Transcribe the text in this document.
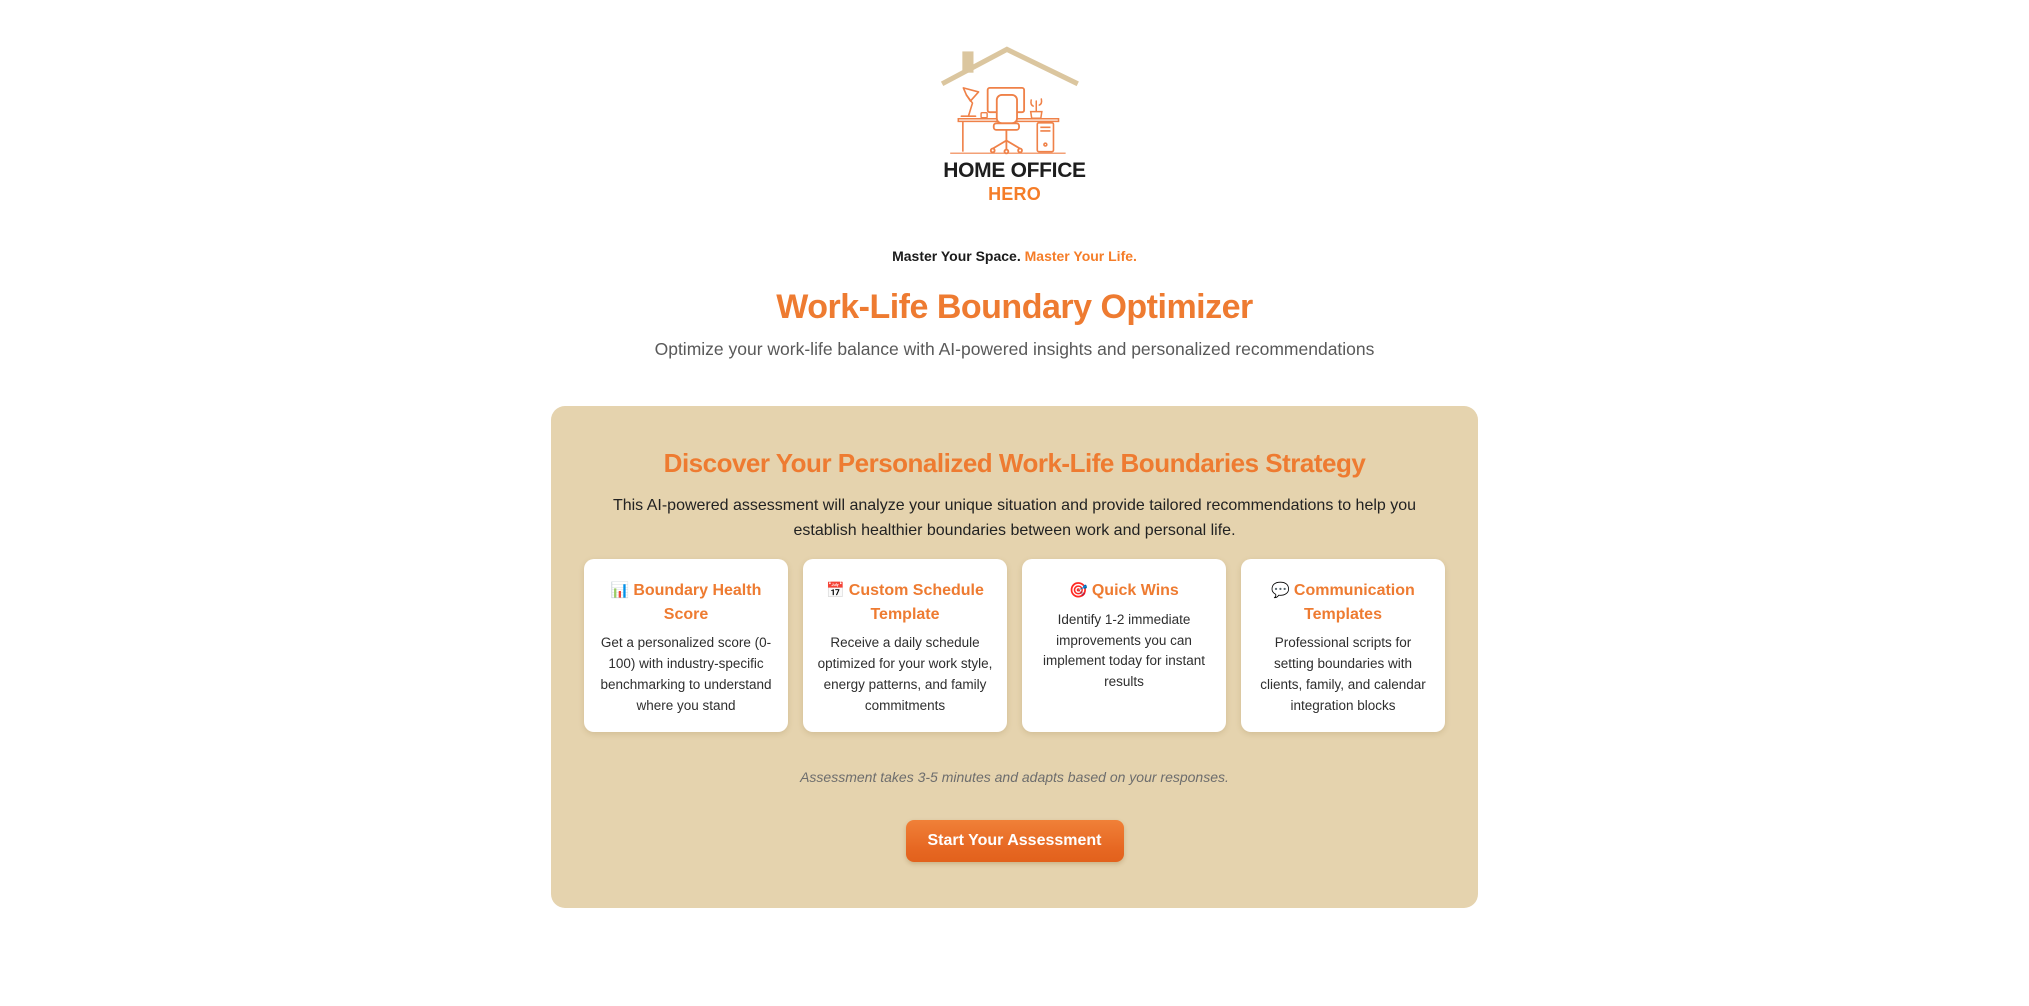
HOME OFFICE
HERO

Master Your Space. Master Your Life.

Work-Life Boundary Optimizer

Optimize your work-life balance with AI-powered insights and personalized recommendations

Discover Your Personalized Work-Life Boundaries Strategy

This AI-powered assessment will analyze your unique situation and provide tailored recommendations to help you establish healthier boundaries between work and personal life.

📊 Boundary Health Score

Get a personalized score (0-100) with industry-specific benchmarking to understand where you stand

📅 Custom Schedule Template

Receive a daily schedule optimized for your work style, energy patterns, and family commitments

🎯 Quick Wins

Identify 1-2 immediate improvements you can implement today for instant results

💬 Communication Templates

Professional scripts for setting boundaries with clients, family, and calendar integration blocks

Assessment takes 3-5 minutes and adapts based on your responses.

Start Your Assessment
